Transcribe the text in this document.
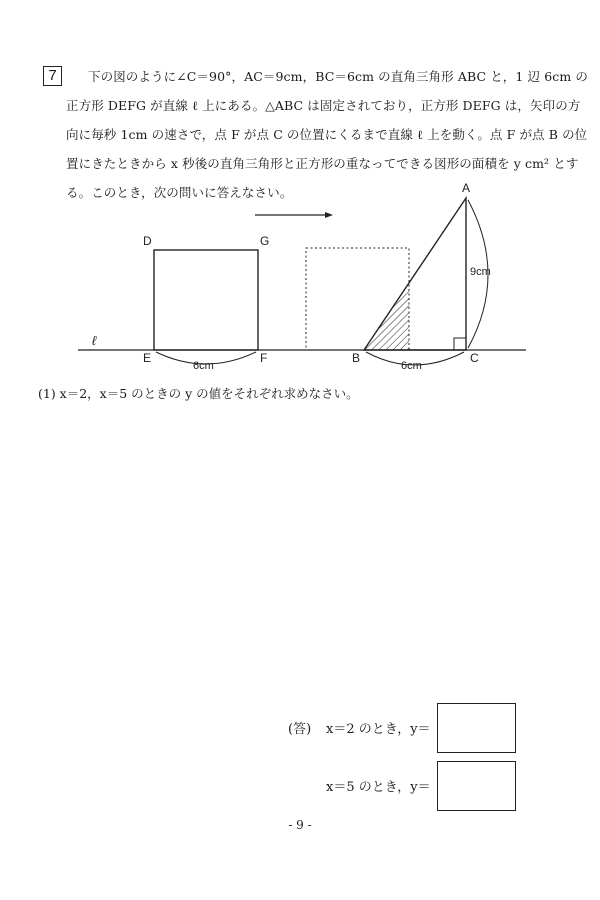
7	下の図のように∠C＝90°，AC＝9cm，BC＝6cm の直角三角形 ABC と，1 辺 6cm の
正方形 DEFG が直線 ℓ 上にある。△ABC は固定されており，正方形 DEFG は，矢印の方
向に毎秒 1cm の速さで，点 F が点 C の位置にくるまで直線 ℓ 上を動く。点 F が点 B の位
置にきたときから x 秒後の直角三角形と正方形の重なってできる図形の面積を y cm² とす
る。このとき，次の問いに答えなさい。
ℓ
D	G
E	F
6cm
A
B	C
6cm
9cm
(1) x＝2，x＝5 のときの y の値をそれぞれ求めなさい。
(答) x＝2 のとき，y＝
x＝5 のとき，y＝
- 9 -
